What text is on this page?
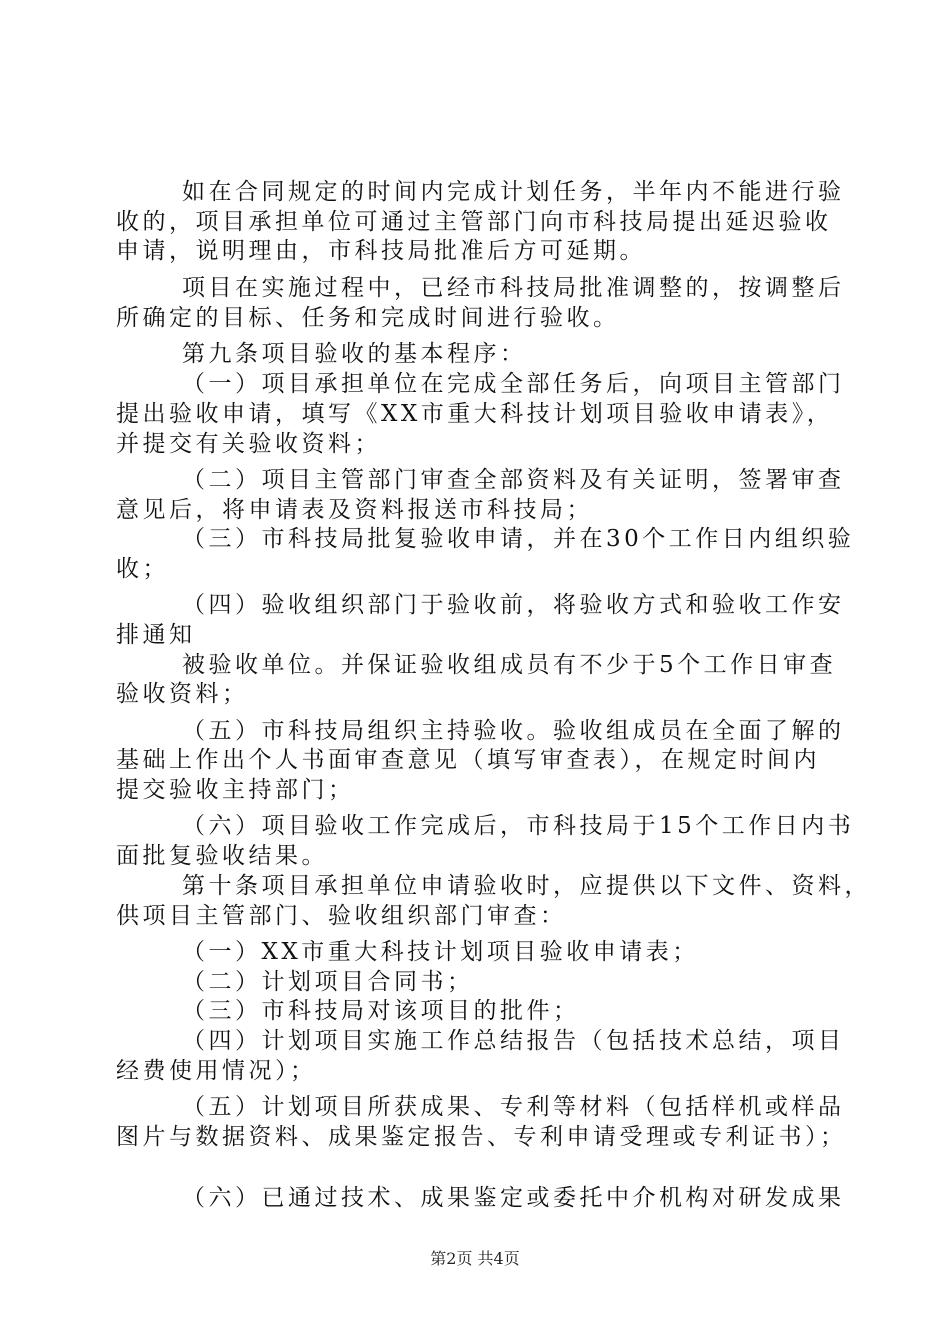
如在合同规定的时间内完成计划任务，半年内不能进行验
收的，项目承担单位可通过主管部门向市科技局提出延迟验收
申请，说明理由，市科技局批准后方可延期。
项目在实施过程中，已经市科技局批准调整的，按调整后
所确定的目标、任务和完成时间进行验收。
第九条项目验收的基本程序：
（一）项目承担单位在完成全部任务后，向项目主管部门
提出验收申请，填写《XX市重大科技计划项目验收申请表》，
并提交有关验收资料；
（二）项目主管部门审查全部资料及有关证明，签署审查
意见后，将申请表及资料报送市科技局；
（三）市科技局批复验收申请，并在30个工作日内组织验
收；
（四）验收组织部门于验收前，将验收方式和验收工作安
排通知
被验收单位。并保证验收组成员有不少于5个工作日审查
验收资料；
（五）市科技局组织主持验收。验收组成员在全面了解的
基础上作出个人书面审查意见（填写审查表），在规定时间内
提交验收主持部门；
（六）项目验收工作完成后，市科技局于15个工作日内书
面批复验收结果。
第十条项目承担单位申请验收时，应提供以下文件、资料，
供项目主管部门、验收组织部门审查：
（一）XX市重大科技计划项目验收申请表；
（二）计划项目合同书；
（三）市科技局对该项目的批件；
（四）计划项目实施工作总结报告（包括技术总结，项目
经费使用情况）；
（五）计划项目所获成果、专利等材料（包括样机或样品
图片与数据资料、成果鉴定报告、专利申请受理或专利证书）；
（六）已通过技术、成果鉴定或委托中介机构对研发成果
第2页 共4页
